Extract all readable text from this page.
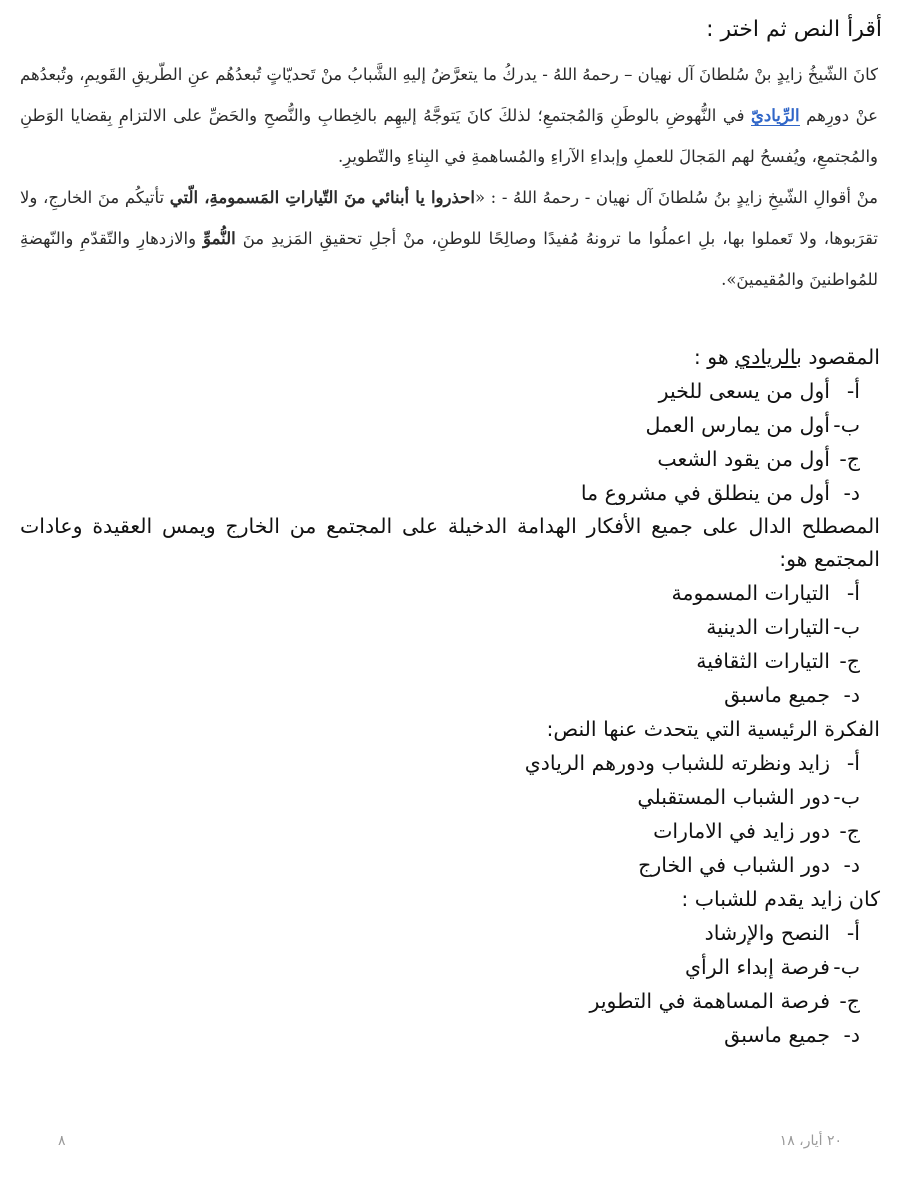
أقرأ النص ثم اختر :

كانَ الشّيخُ زايدٍ بنْ سُلطانَ آل نهيان – رحمهُ اللهُ - يدركُ ما يتعرَّضُ إليهِ الشَّبابُ منْ تَحديّاتٍ تُبعدُهُم عنِ الطّريقِ القَويمِ، وتُبعدُهم عنْ دورِهم الرِّياديّ في النُّهوضِ بالوطَنِ وَالمُجتمعِ؛ لذلكَ كانَ يَتوجَّهُ إليهِم بالخِطابِ والنُّصحِ والحَضِّ على الالتزامِ بِقضايا الوَطنِ والمُجتمعِ، ويُفسحُ لهم المَجالَ للعملِ وإبداءِ الآراءِ والمُساهمةِ في البِناءِ والتّطويرِ.

منْ أقوالِ الشّيخِ زايدٍ بنُ سُلطانَ آل نهيان - رحمهُ اللهُ - : «احذروا يا أبنائي منَ التّياراتِ المَسمومةِ، الّتي تأتيكُم منَ الخارجِ، ولا تقرَبوها، ولا تَعملوا بها، بلِ اعملُوا ما ترونهُ مُفيدًا وصالِحًا للوطنِ، منْ أجلِ تحقيقِ المَزيدِ منَ النُّموِّ والازدهارِ والتّقدّمِ والنّهضةِ للمُواطنينَ والمُقيمينَ».

المقصود بالريادي هو :
أ-
أول من يسعى للخير
ب-
أول من يمارس العمل
ج-
أول من يقود الشعب
د-
أول من ينطلق في مشروع ما
المصطلح الدال على جميع الأفكار الهدامة الدخيلة على المجتمع من الخارج ويمس العقيدة وعادات المجتمع هو:
أ-
التيارات المسمومة
ب-
التيارات الدينية
ج-
التيارات الثقافية
د-
جميع ماسبق
الفكرة الرئيسية التي يتحدث عنها النص:
أ-
زايد ونظرته للشباب ودورهم الريادي
ب-
دور الشباب المستقبلي
ج-
دور زايد في الامارات
د-
دور الشباب في الخارج
كان زايد يقدم للشباب :
أ-
النصح والإرشاد
ب-
فرصة إبداء الرأي
ج-
فرصة المساهمة في التطوير
د-
جميع ماسبق
٢٠ أيار، ١٨
٨
